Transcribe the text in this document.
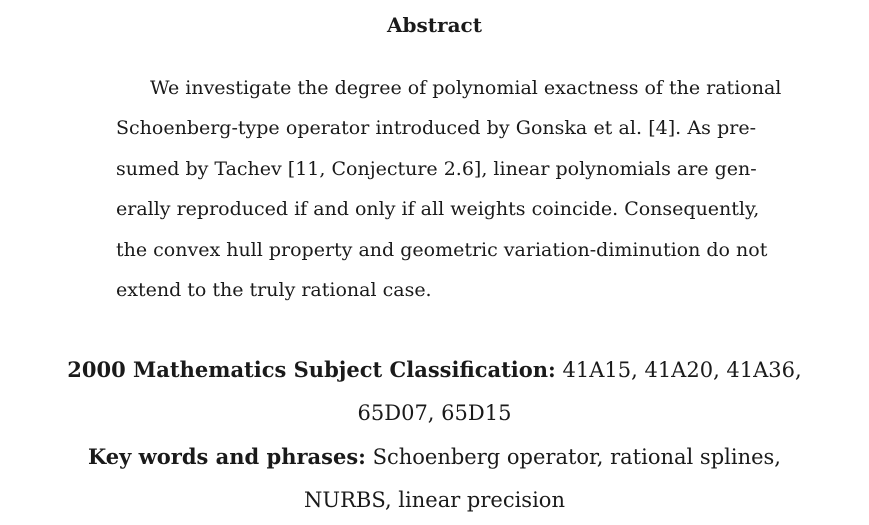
Abstract
We investigate the degree of polynomial exactness of the rational
Schoenberg-type operator introduced by Gonska et al. [4]. As pre-
sumed by Tachev [11, Conjecture 2.6], linear polynomials are gen-
erally reproduced if and only if all weights coincide. Consequently,
the convex hull property and geometric variation-diminution do not
extend to the truly rational case.
2000 Mathematics Subject Classification: 41A15, 41A20, 41A36,
65D07, 65D15
Key words and phrases: Schoenberg operator, rational splines,
NURBS, linear precision
